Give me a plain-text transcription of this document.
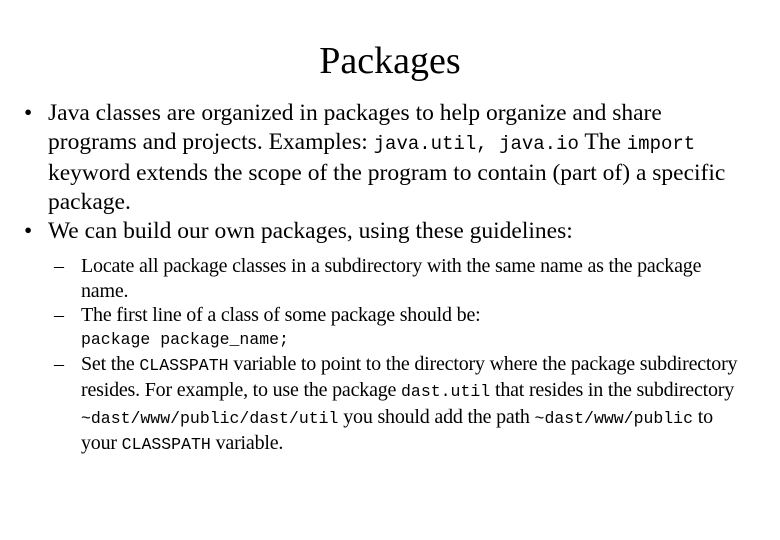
Packages
• Java classes are organized in packages to help organize and share programs and projects. Examples: java.util, java.io The import keyword extends the scope of the program to contain (part of) a specific package.
• We can build our own packages, using these guidelines:
– Locate all package classes in a subdirectory with the same name as the package name.
– The first line of a class of some package should be:
package package_name;
– Set the CLASSPATH variable to point to the directory where the package subdirectory resides. For example, to use the package dast.util that resides in the subdirectory ~dast/www/public/dast/util you should add the path ~dast/www/public to your CLASSPATH variable.
